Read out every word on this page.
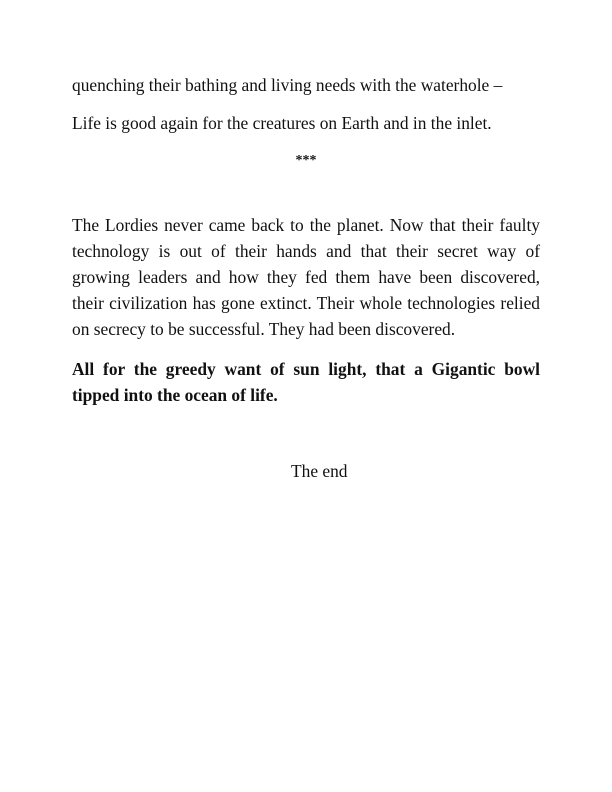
quenching their bathing and living needs with the waterhole –

Life is good again for the creatures on Earth and in the inlet.

***

The Lordies never came back to the planet. Now that their faulty technology is out of their hands and that their secret way of growing leaders and how they fed them have been discovered, their civilization has gone extinct. Their whole technologies relied on secrecy to be successful. They had been discovered.

All for the greedy want of sun light, that a Gigantic bowl tipped into the ocean of life.

The end
